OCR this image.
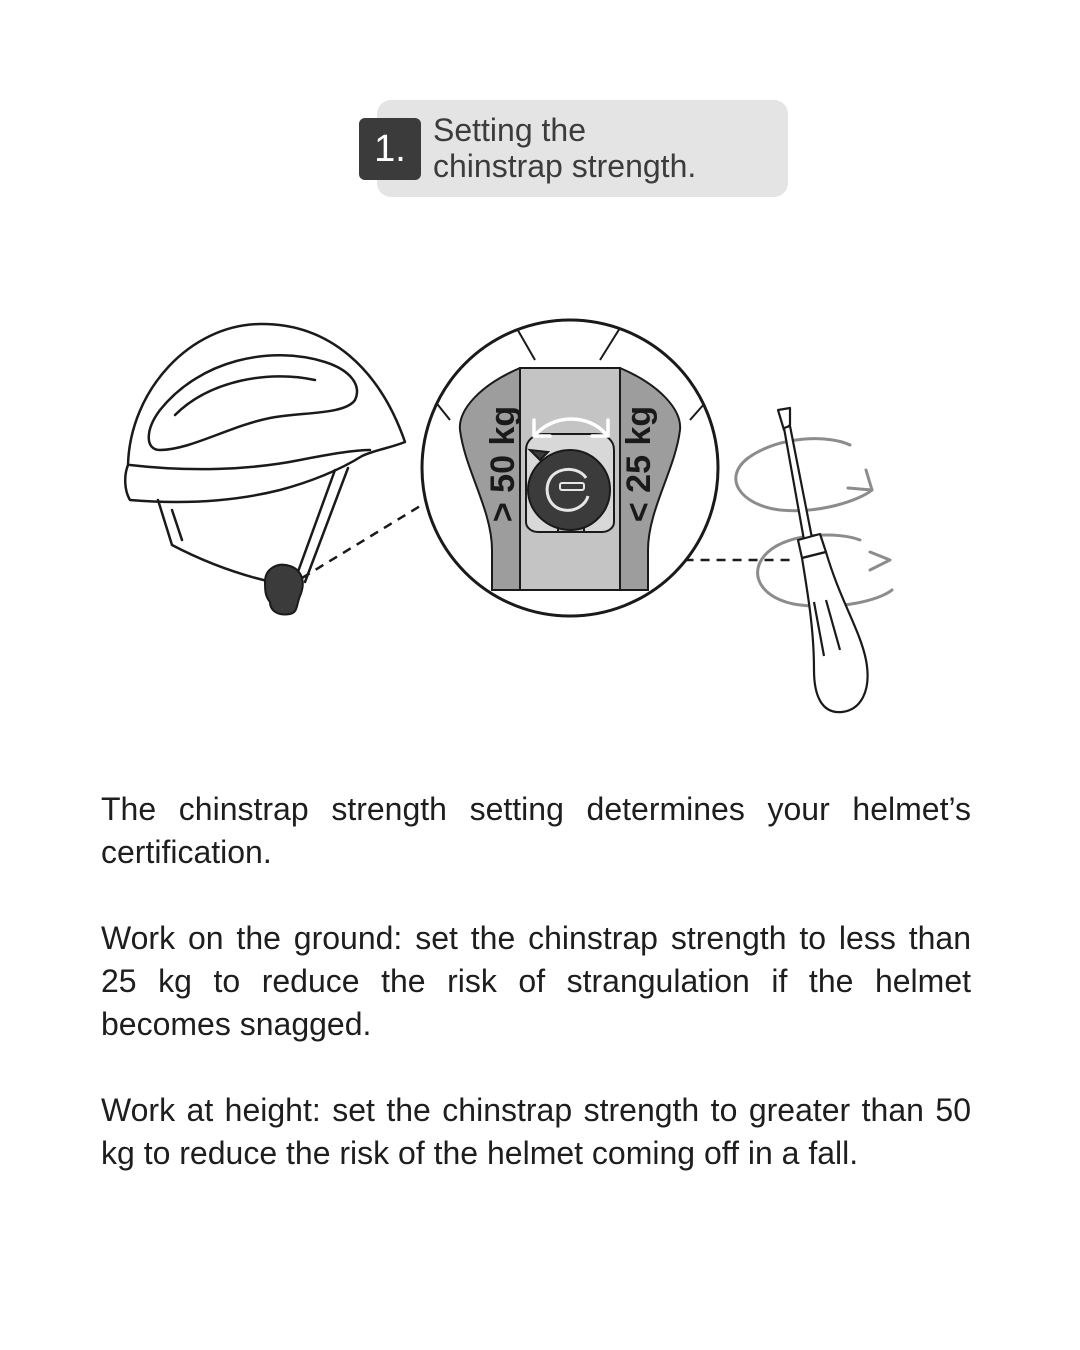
1. Setting the
chinstrap strength.
> 50 kg	< 25 kg

The chinstrap strength setting determines your helmet’s certification.

Work on the ground: set the chinstrap strength to less than 25 kg to reduce the risk of strangulation if the helmet becomes snagged.

Work at height: set the chinstrap strength to greater than 50 kg to reduce the risk of the helmet coming off in a fall.
